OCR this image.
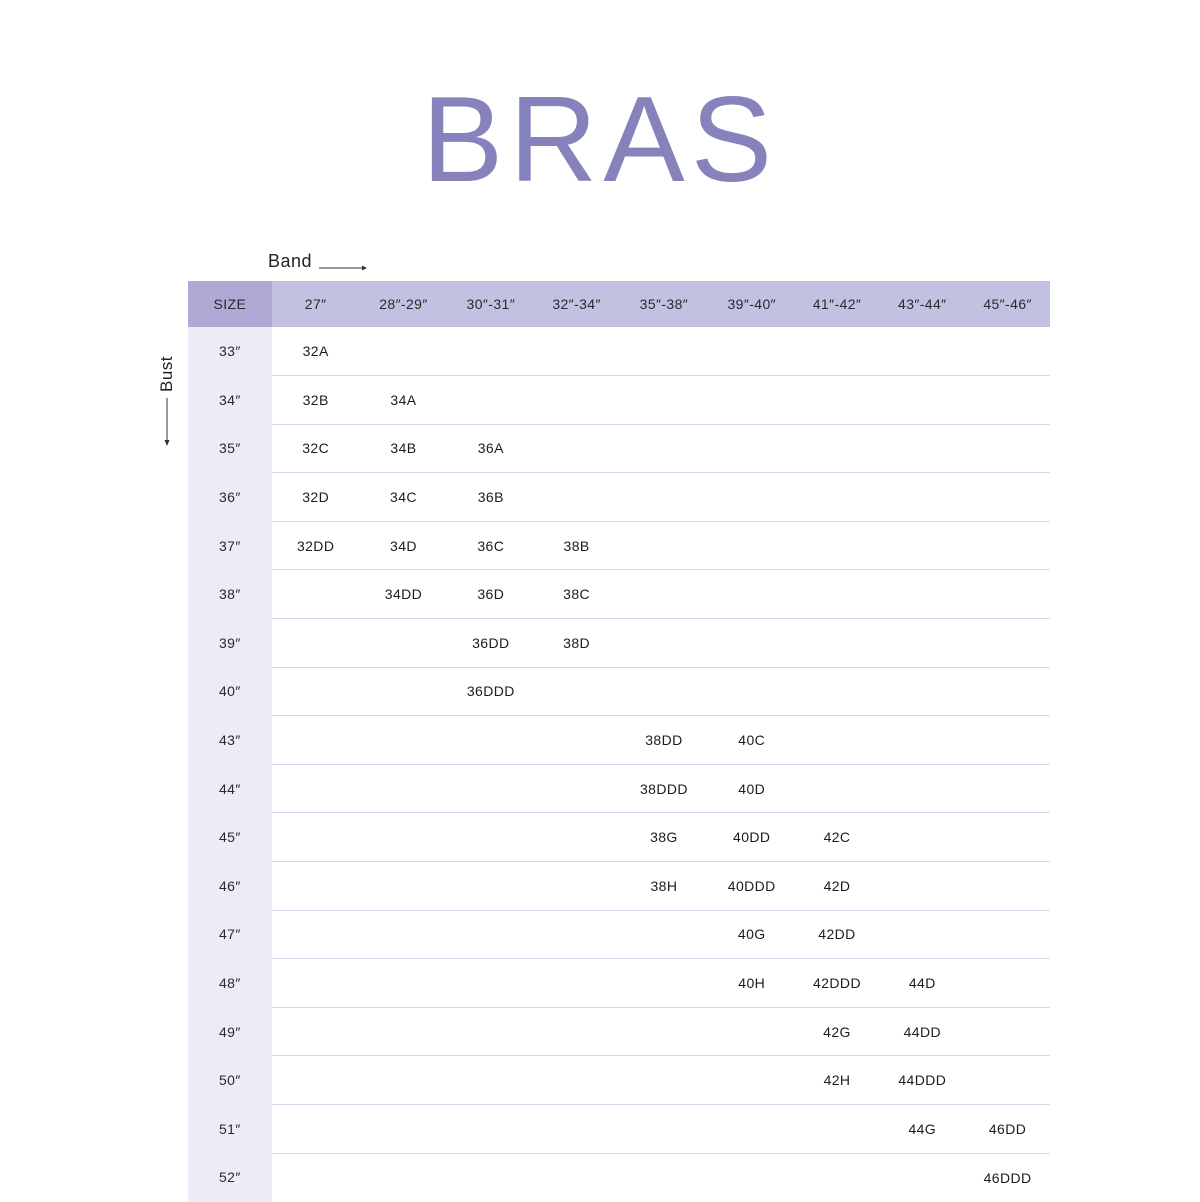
BRAS
Band
Bust
SIZE	27″	28″-29″	30″-31″	32″-34″	35″-38″	39″-40″	41″-42″	43″-44″	45″-46″
33″	32A								
34″	32B	34A							
35″	32C	34B	36A						
36″	32D	34C	36B						
37″	32DD	34D	36C	38B					
38″		34DD	36D	38C					
39″			36DD	38D					
40″			36DDD						
43″					38DD	40C			
44″					38DDD	40D			
45″					38G	40DD	42C		
46″					38H	40DDD	42D		
47″						40G	42DD		
48″						40H	42DDD	44D	
49″							42G	44DD	
50″							42H	44DDD	
51″								44G	46DD
52″									46DDD
